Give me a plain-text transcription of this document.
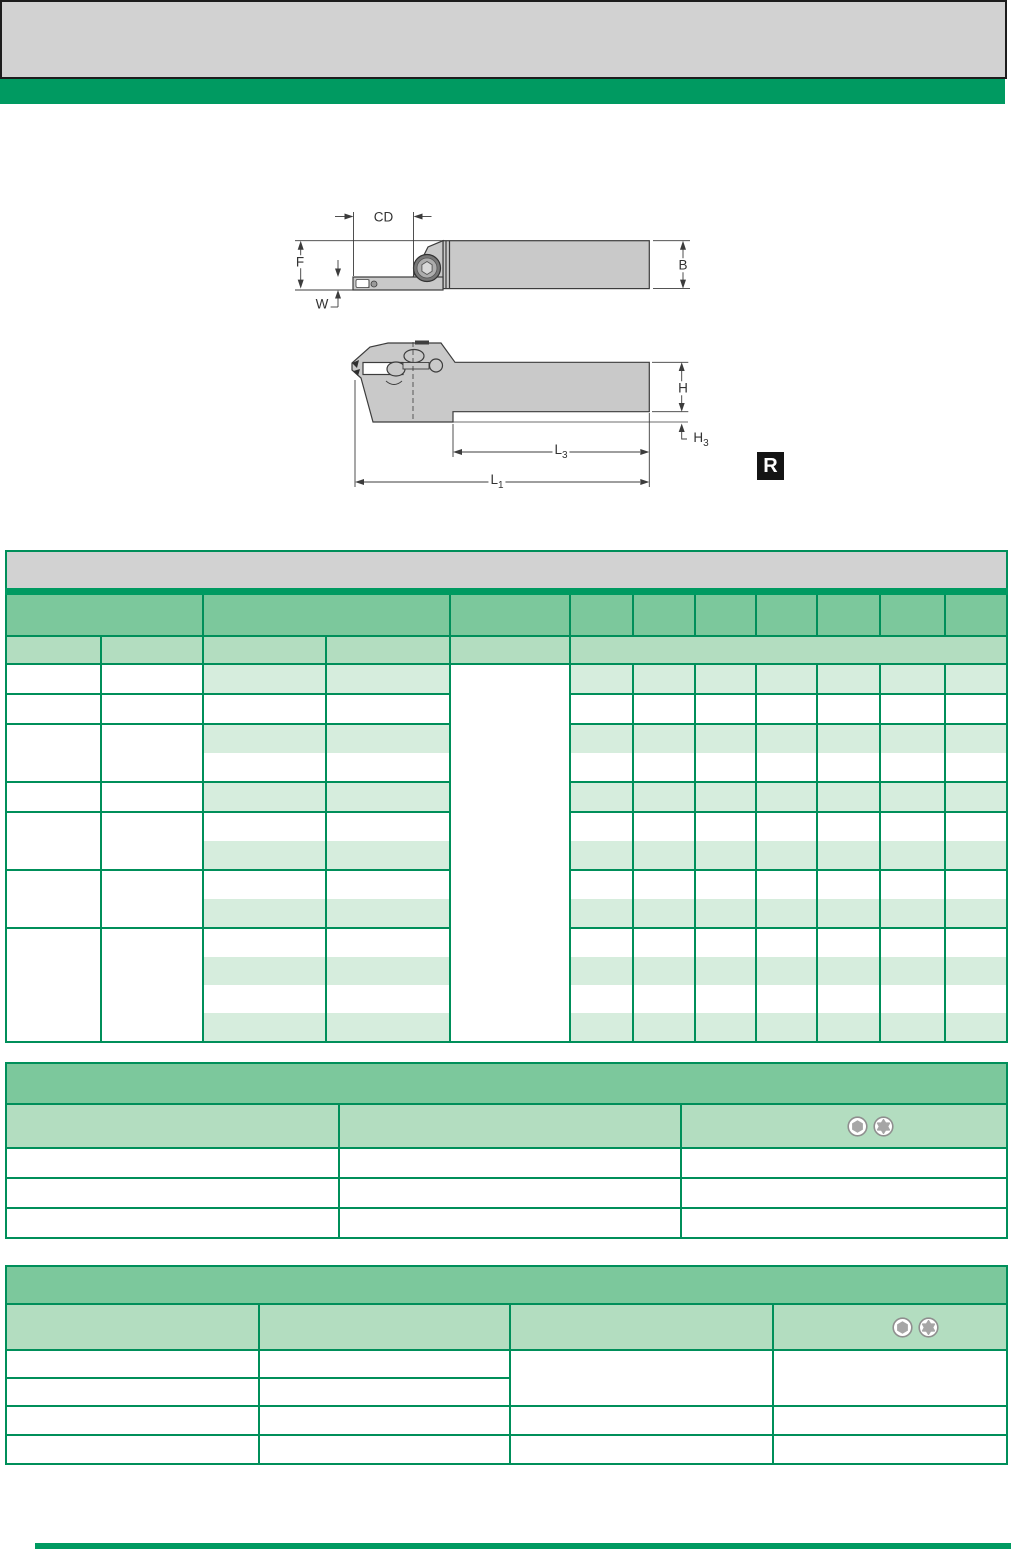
CD
F
W
B
H
$H_3$
$L_3$
$L_1$
R
